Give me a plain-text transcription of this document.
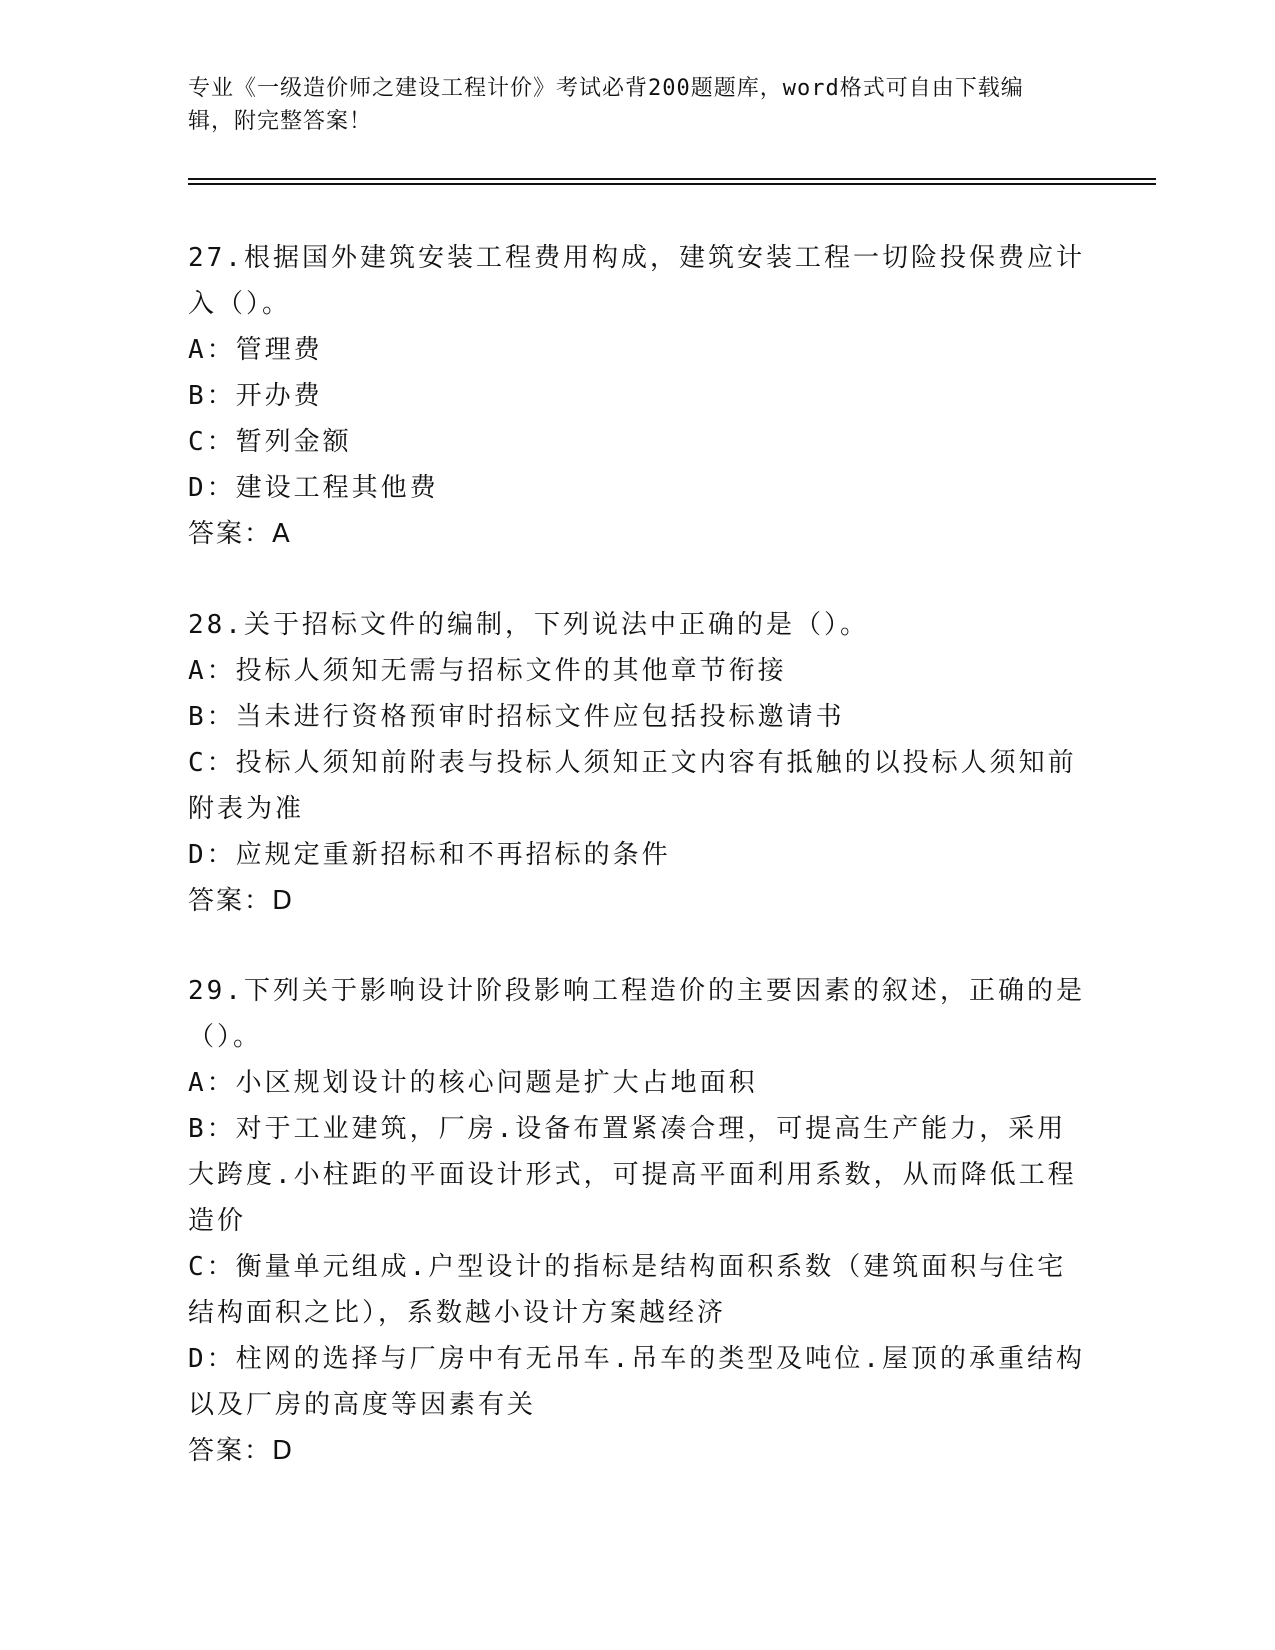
专业《一级造价师之建设工程计价》考试必背200题题库，word格式可自由下载编辑，附完整答案！
27.根据国外建筑安装工程费用构成，建筑安装工程一切险投保费应计入（）。
A：管理费
B：开办费
C：暂列金额
D：建设工程其他费
答案：A
28.关于招标文件的编制，下列说法中正确的是（）。
A：投标人须知无需与招标文件的其他章节衔接
B：当未进行资格预审时招标文件应包括投标邀请书
C：投标人须知前附表与投标人须知正文内容有抵触的以投标人须知前附表为准
D：应规定重新招标和不再招标的条件
答案：D
29.下列关于影响设计阶段影响工程造价的主要因素的叙述，正确的是（）。
A：小区规划设计的核心问题是扩大占地面积
B：对于工业建筑，厂房.设备布置紧凑合理，可提高生产能力，采用大跨度.小柱距的平面设计形式，可提高平面利用系数，从而降低工程造价
C：衡量单元组成.户型设计的指标是结构面积系数（建筑面积与住宅结构面积之比），系数越小设计方案越经济
D：柱网的选择与厂房中有无吊车.吊车的类型及吨位.屋顶的承重结构以及厂房的高度等因素有关
答案：D
